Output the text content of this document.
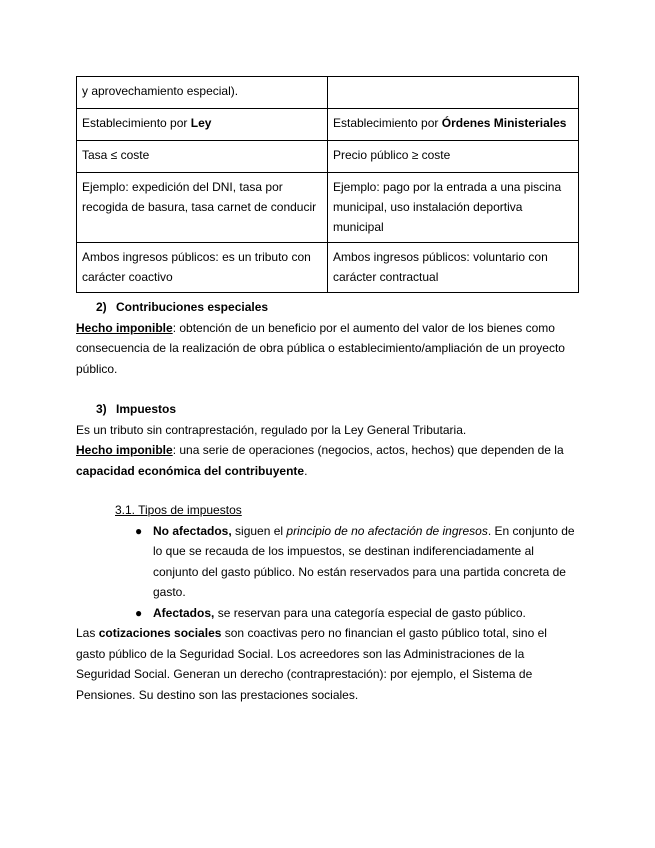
y aprovechamiento especial).	
Establecimiento por Ley	Establecimiento por Órdenes Ministeriales
Tasa ≤ coste	Precio público ≥ coste
Ejemplo: expedición del DNI, tasa por recogida de basura, tasa carnet de conducir	Ejemplo: pago por la entrada a una piscina municipal, uso instalación deportiva municipal
Ambos ingresos públicos: es un tributo con carácter coactivo	Ambos ingresos públicos: voluntario con carácter contractual
2) Contribuciones especiales
Hecho imponible: obtención de un beneficio por el aumento del valor de los bienes como consecuencia de la realización de obra pública o establecimiento/ampliación de un proyecto público.
3) Impuestos
Es un tributo sin contraprestación, regulado por la Ley General Tributaria.
Hecho imponible: una serie de operaciones (negocios, actos, hechos) que dependen de la capacidad económica del contribuyente.
3.1. Tipos de impuestos
● No afectados, siguen el principio de no afectación de ingresos. En conjunto de lo que se recauda de los impuestos, se destinan indiferenciadamente al conjunto del gasto público. No están reservados para una partida concreta de gasto.
● Afectados, se reservan para una categoría especial de gasto público.
Las cotizaciones sociales son coactivas pero no financian el gasto público total, sino el gasto público de la Seguridad Social. Los acreedores son las Administraciones de la Seguridad Social. Generan un derecho (contraprestación): por ejemplo, el Sistema de Pensiones. Su destino son las prestaciones sociales.
